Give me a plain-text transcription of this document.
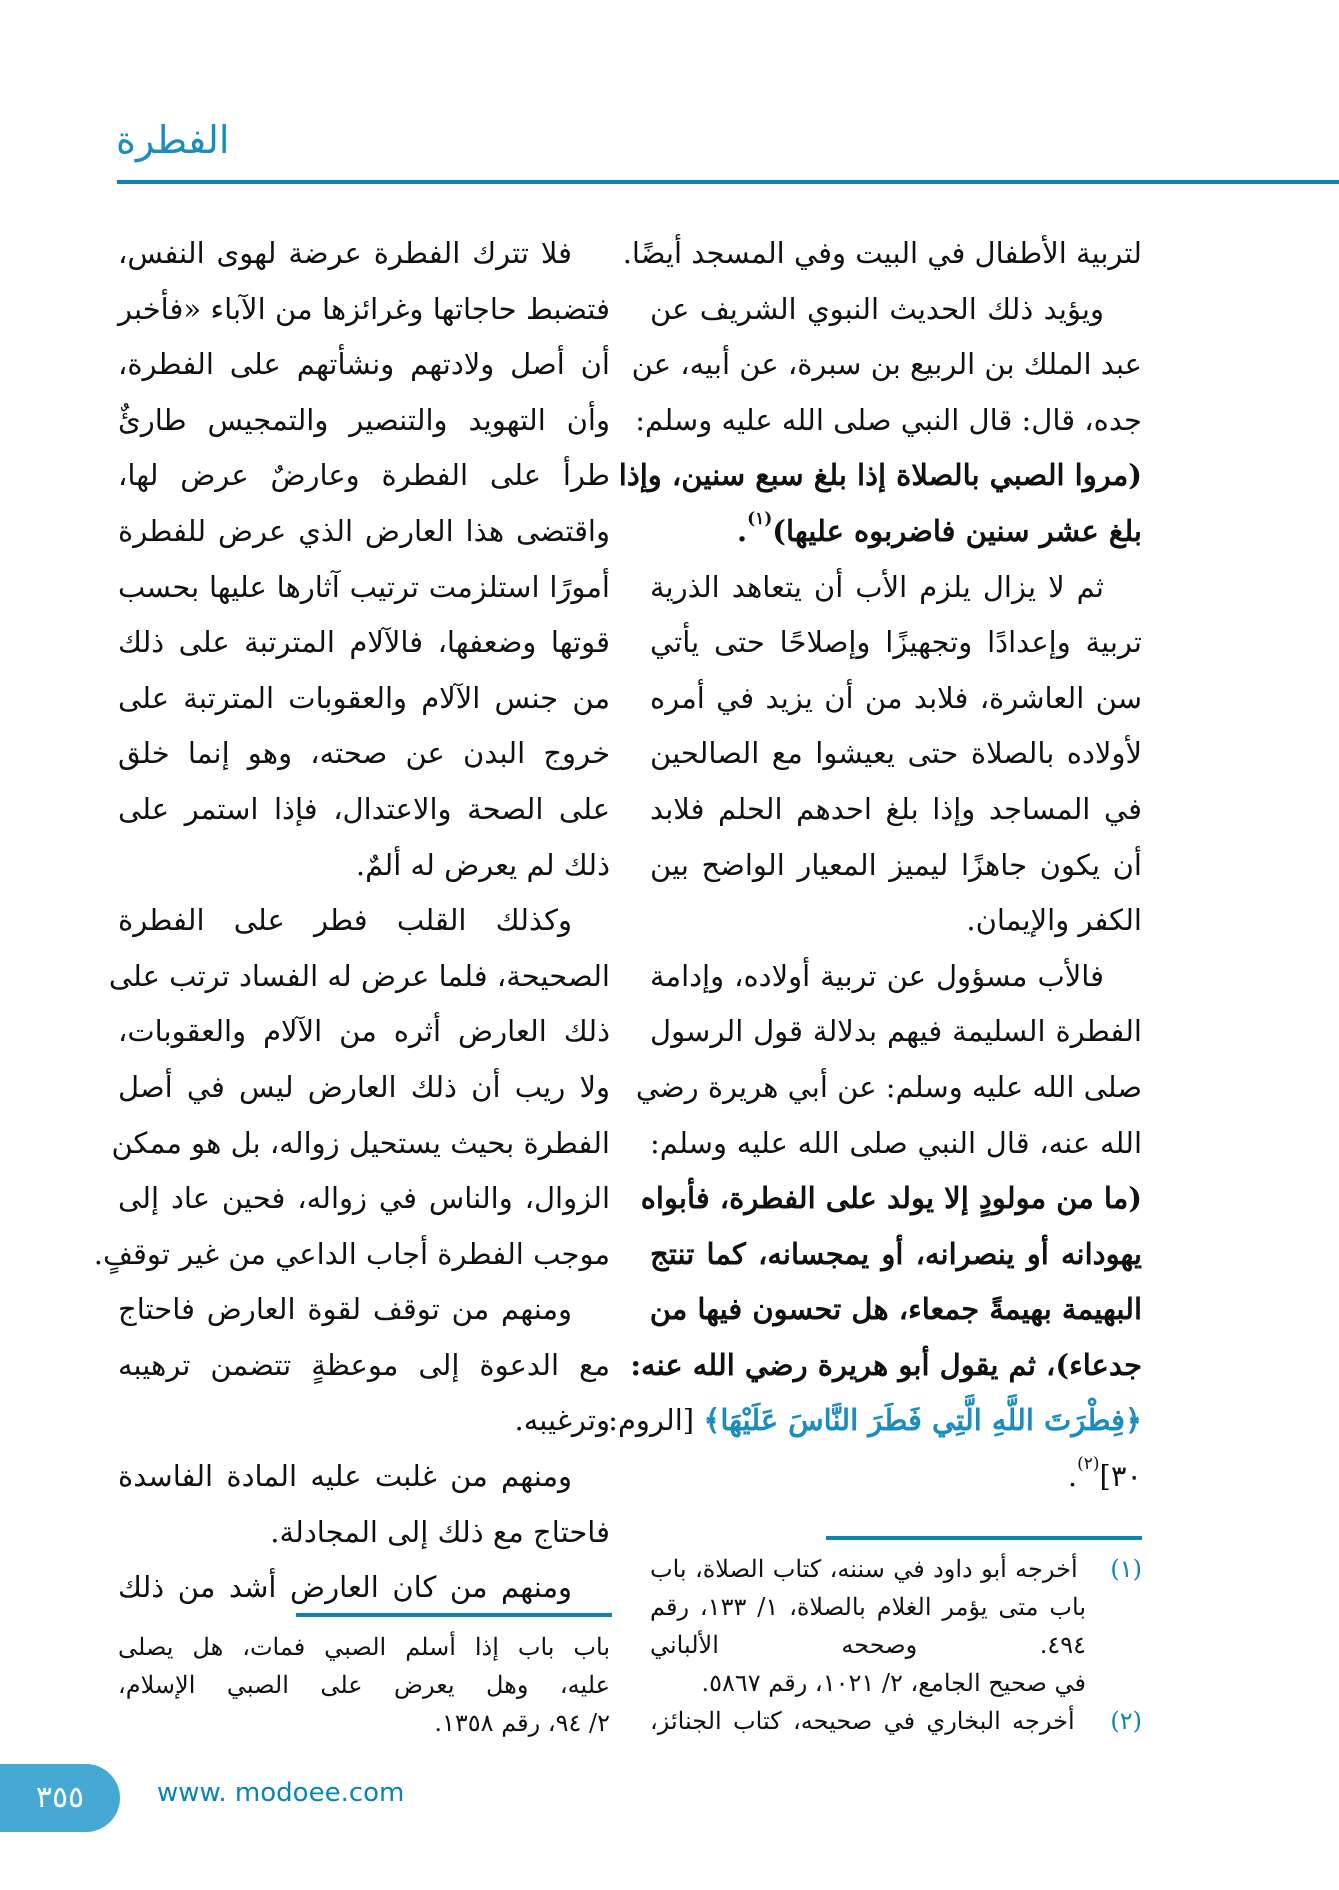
الفطرة
لتربية الأطفال في البيت وفي المسجد أيضًا.
ويؤيد ذلك الحديث النبوي الشريف عن
عبد الملك بن الربيع بن سبرة، عن أبيه، عن
جده، قال: قال النبي صلى الله عليه وسلم:
(مروا الصبي بالصلاة إذا بلغ سبع سنين، وإذا
بلغ عشر سنين فاضربوه عليها)$^{(١)}$.
ثم لا يزال يلزم الأب أن يتعاهد الذرية
تربية وإعدادًا وتجهيزًا وإصلاحًا حتى يأتي
سن العاشرة، فلابد من أن يزيد في أمره
لأولاده بالصلاة حتى يعيشوا مع الصالحين
في المساجد وإذا بلغ احدهم الحلم فلابد
أن يكون جاهزًا ليميز المعيار الواضح بين
الكفر والإيمان.
فالأب مسؤول عن تربية أولاده، وإدامة
الفطرة السليمة فيهم بدلالة قول الرسول
صلى الله عليه وسلم: عن أبي هريرة رضي
الله عنه، قال النبي صلى الله عليه وسلم:
(ما من مولودٍ إلا يولد على الفطرة، فأبواه
يهودانه أو ينصرانه، أو يمجسانه، كما تنتج
البهيمة بهيمةً جمعاء، هل تحسون فيها من
جدعاء)، ثم يقول أبو هريرة رضي الله عنه:
﴿فِطْرَتَ اللَّهِ الَّتِي فَطَرَ النَّاسَ عَلَيْهَا﴾ [الروم:
٣٠]$^{(٢)}$.
فلا تترك الفطرة عرضة لهوى النفس،
فتضبط حاجاتها وغرائزها من الآباء «فأخبر
أن أصل ولادتهم ونشأتهم على الفطرة،
وأن التهويد والتنصير والتمجيس طارئٌ
طرأ على الفطرة وعارضٌ عرض لها،
واقتضى هذا العارض الذي عرض للفطرة
أمورًا استلزمت ترتيب آثارها عليها بحسب
قوتها وضعفها، فالآلام المترتبة على ذلك
من جنس الآلام والعقوبات المترتبة على
خروج البدن عن صحته، وهو إنما خلق
على الصحة والاعتدال، فإذا استمر على
ذلك لم يعرض له ألمٌ.
وكذلك القلب فطر على الفطرة
الصحيحة، فلما عرض له الفساد ترتب على
ذلك العارض أثره من الآلام والعقوبات،
ولا ريب أن ذلك العارض ليس في أصل
الفطرة بحيث يستحيل زواله، بل هو ممكن
الزوال، والناس في زواله، فحين عاد إلى
موجب الفطرة أجاب الداعي من غير توقفٍ.
ومنهم من توقف لقوة العارض فاحتاج
مع الدعوة إلى موعظةٍ تتضمن ترهيبه
وترغيبه.
ومنهم من غلبت عليه المادة الفاسدة
فاحتاج مع ذلك إلى المجادلة.
ومنهم من كان العارض أشد من ذلك
(١) أخرجه أبو داود في سننه، كتاب الصلاة، باب
باب متى يؤمر الغلام بالصلاة، ١/ ١٣٣، رقم
٤٩٤. وصححه الألباني
في صحيح الجامع، ٢/ ١٠٢١، رقم ٥٨٦٧.
(٢) أخرجه البخاري في صحيحه، كتاب الجنائز،
باب باب إذا أسلم الصبي فمات، هل يصلى
عليه، وهل يعرض على الصبي الإسلام،
٢/ ٩٤، رقم ١٣٥٨.
٣٥٥	www. modoee.com
